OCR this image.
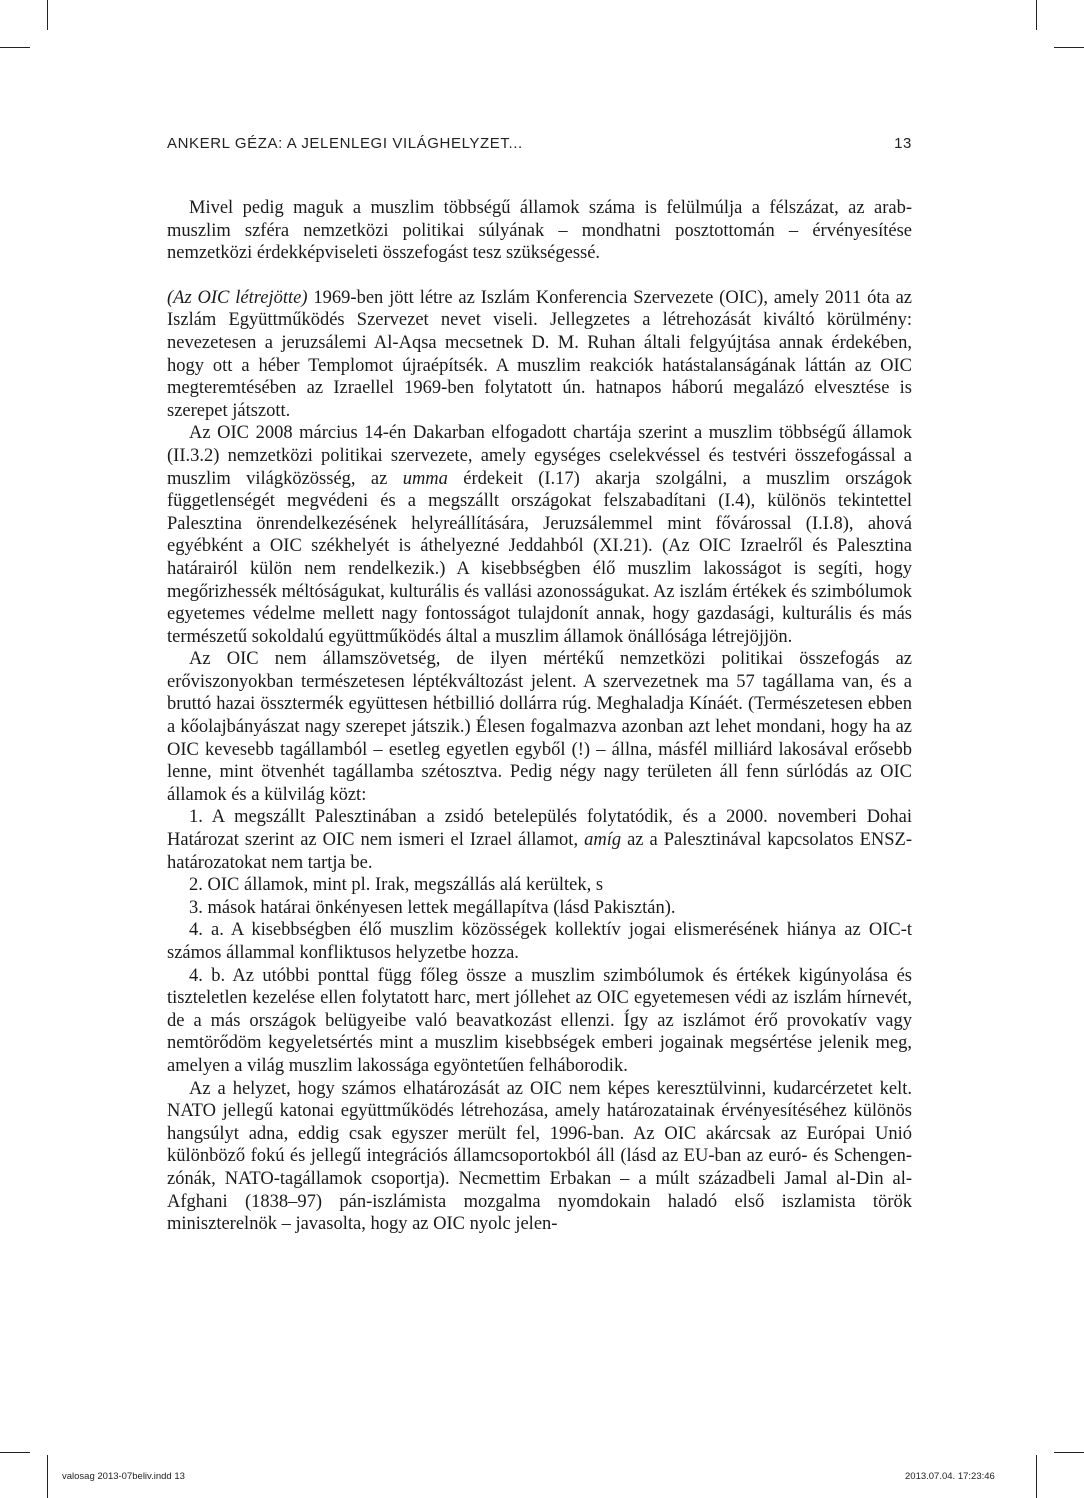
ANKERL GÉZA: A JELENLEGI VILÁGHELYZET...	13

Mivel pedig maguk a muszlim többségű államok száma is felülmúlja a félszázat, az arab-muszlim szféra nemzetközi politikai súlyának – mondhatni posztottomán – érvényesítése nemzetközi érdekképviseleti összefogást tesz szükségessé.

(Az OIC létrejötte) 1969-ben jött létre az Iszlám Konferencia Szervezete (OIC), amely 2011 óta az Iszlám Együttműködés Szervezet nevet viseli. Jellegzetes a létrehozását kiváltó körülmény: nevezetesen a jeruzsálemi Al-Aqsa mecsetnek D. M. Ruhan általi felgyújtása annak érdekében, hogy ott a héber Templomot újraépítsék. A muszlim reakciók hatástalanságának láttán az OIC megteremtésében az Izraellel 1969-ben folytatott ún. hatnapos háború megalázó elvesztése is szerepet játszott.

Az OIC 2008 március 14-én Dakarban elfogadott chartája szerint a muszlim többségű államok (II.3.2) nemzetközi politikai szervezete, amely egységes cselekvéssel és testvéri összefogással a muszlim világközösség, az umma érdekeit (I.17) akarja szolgálni, a muszlim országok függetlenségét megvédeni és a megszállt országokat felszabadítani (I.4), különös tekintettel Palesztina önrendelkezésének helyreállítására, Jeruzsálemmel mint fővárossal (I.I.8), ahová egyébként a OIC székhelyét is áthelyezné Jeddahból (XI.21). (Az OIC Izraelről és Palesztina határairól külön nem rendelkezik.) A kisebbségben élő muszlim lakosságot is segíti, hogy megőrizhessék méltóságukat, kulturális és vallási azonosságukat. Az iszlám értékek és szimbólumok egyetemes védelme mellett nagy fontosságot tulajdonít annak, hogy gazdasági, kulturális és más természetű sokoldalú együttműködés által a muszlim államok önállósága létrejöjjön.

Az OIC nem államszövetség, de ilyen mértékű nemzetközi politikai összefogás az erőviszonyokban természetesen léptékváltozást jelent. A szervezetnek ma 57 tagállama van, és a bruttó hazai össztermék együttesen hétbillió dollárra rúg. Meghaladja Kínáét. (Természetesen ebben a kőolajbányászat nagy szerepet játszik.) Élesen fogalmazva azonban azt lehet mondani, hogy ha az OIC kevesebb tagállamból – esetleg egyetlen egyből (!) – állna, másfél milliárd lakosával erősebb lenne, mint ötvenhét tagállamba szétosztva. Pedig négy nagy területen áll fenn súrlódás az OIC államok és a külvilág közt:

1. A megszállt Palesztinában a zsidó betelepülés folytatódik, és a 2000. novemberi Dohai Határozat szerint az OIC nem ismeri el Izrael államot, amíg az a Palesztinával kapcsolatos ENSZ-határozatokat nem tartja be.

2. OIC államok, mint pl. Irak, megszállás alá kerültek, s

3. mások határai önkényesen lettek megállapítva (lásd Pakisztán).

4. a. A kisebbségben élő muszlim közösségek kollektív jogai elismerésének hiánya az OIC-t számos állammal konfliktusos helyzetbe hozza.

4. b. Az utóbbi ponttal függ főleg össze a muszlim szimbólumok és értékek kigúnyolása és tiszteletlen kezelése ellen folytatott harc, mert jóllehet az OIC egyetemesen védi az iszlám hírnevét, de a más országok belügyeibe való beavatkozást ellenzi. Így az iszlámot érő provokatív vagy nemtörődöm kegyeletsértés mint a muszlim kisebbségek emberi jogainak megsértése jelenik meg, amelyen a világ muszlim lakossága egyöntetűen felháborodik.

Az a helyzet, hogy számos elhatározását az OIC nem képes keresztülvinni, kudarcérzetet kelt. NATO jellegű katonai együttműködés létrehozása, amely határozatainak érvényesítéséhez különös hangsúlyt adna, eddig csak egyszer merült fel, 1996-ban. Az OIC akárcsak az Európai Unió különböző fokú és jellegű integrációs államcsoportokból áll (lásd az EU-ban az euró- és Schengen-zónák, NATO-tagállamok csoportja). Necmettim Erbakan – a múlt századbeli Jamal al-Din al-Afghani (1838–97) pán-iszlámista mozgalma nyomdokain haladó első iszlamista török miniszterelnök – javasolta, hogy az OIC nyolc jelen-

valosag 2013-07beliv.indd 13	2013.07.04. 17:23:46
